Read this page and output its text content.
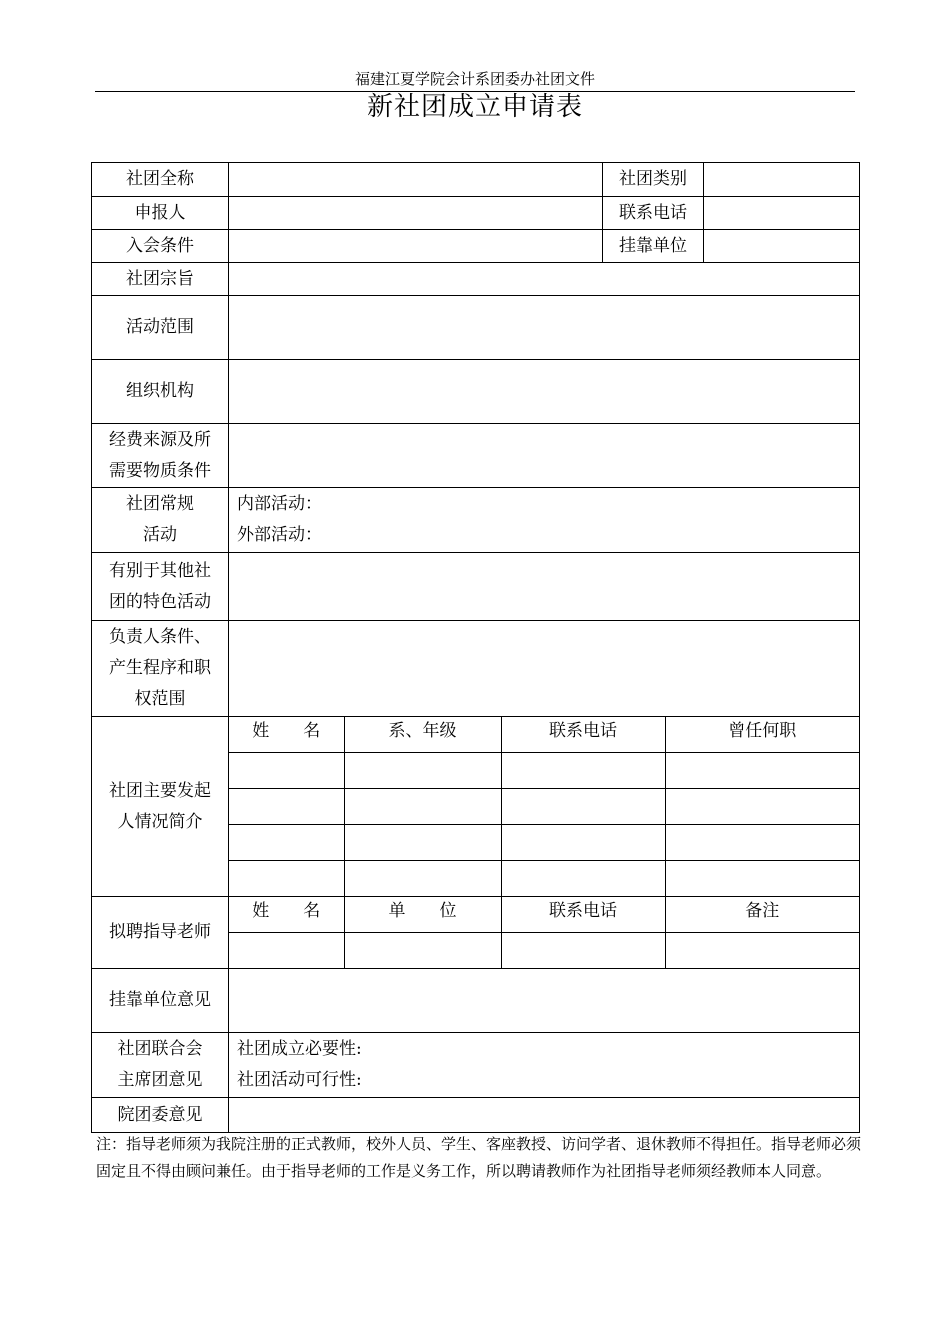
福建江夏学院会计系团委办社团文件
新社团成立申请表
社团全称		社团类别	
申报人		联系电话	
入会条件		挂靠单位	
社团宗旨	
活动范围	
组织机构	

经费来源及所
需要物质条件

社团常规
活动

内部活动：
外部活动：

有别于其他社
团的特色活动

负责人条件、
产生程序和职
权范围

社团主要发起
人情况简介

姓　　名	系、年级	联系电话	曾任何职

拟聘指导老师	
姓　　名	单　　位	联系电话	备注

挂靠单位意见	

社团联合会
主席团意见

社团成立必要性:
社团活动可行性:

院团委意见	
注：指导老师须为我院注册的正式教师，校外人员、学生、客座教授、访问学者、退休教师不得担任。指导老师必须固定且不得由顾问兼任。由于指导老师的工作是义务工作，所以聘请教师作为社团指导老师须经教师本人同意。
